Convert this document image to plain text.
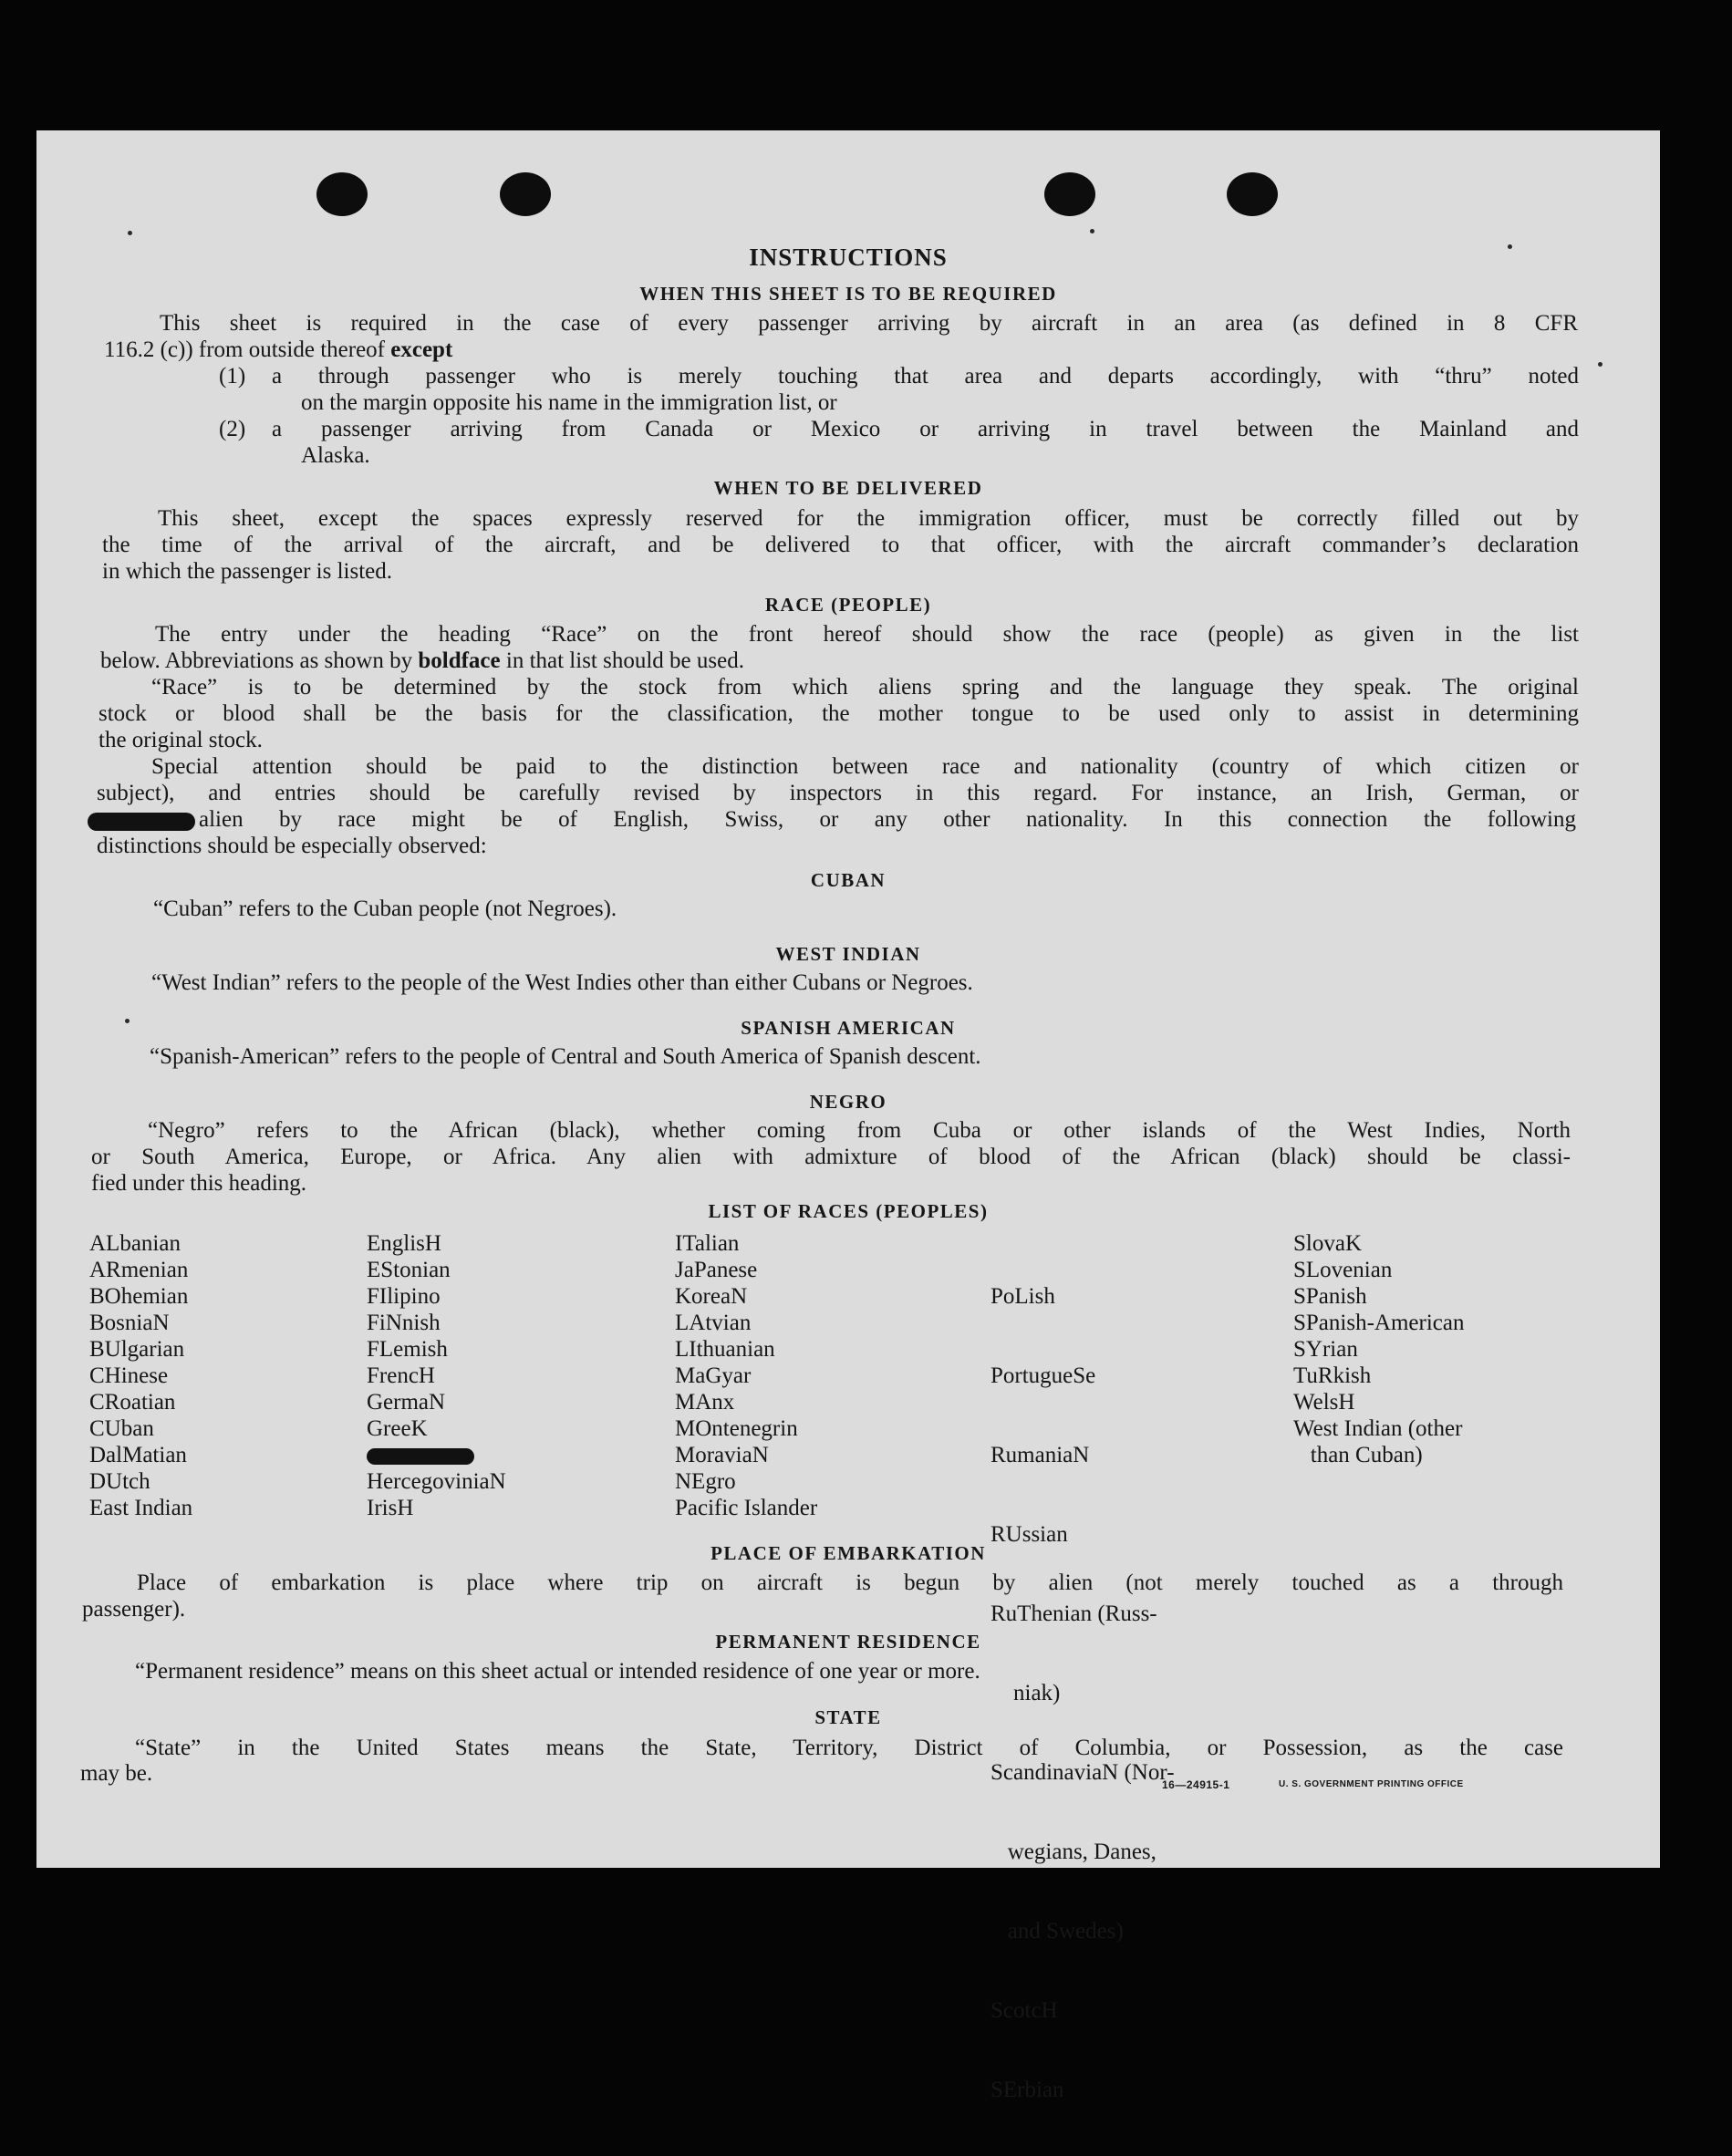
INSTRUCTIONS
WHEN THIS SHEET IS TO BE REQUIRED
This sheet is required in the case of every passenger arriving by aircraft in an area (as defined in 8 CFR
116.2 (c)) from outside thereof except
(1) a through passenger who is merely touching that area and departs accordingly, with “thru” noted
on the margin opposite his name in the immigration list, or
(2) a passenger arriving from Canada or Mexico or arriving in travel between the Mainland and
Alaska.
WHEN TO BE DELIVERED
This sheet, except the spaces expressly reserved for the immigration officer, must be correctly filled out by
the time of the arrival of the aircraft, and be delivered to that officer, with the aircraft commander’s declaration
in which the passenger is listed.
RACE (PEOPLE)
The entry under the heading “Race” on the front hereof should show the race (people) as given in the list
below. Abbreviations as shown by boldface in that list should be used.
“Race” is to be determined by the stock from which aliens spring and the language they speak. The original
stock or blood shall be the basis for the classification, the mother tongue to be used only to assist in determining
the original stock.
Special attention should be paid to the distinction between race and nationality (country of which citizen or
subject), and entries should be carefully revised by inspectors in this regard. For instance, an Irish, German, or
alien by race might be of English, Swiss, or any other nationality. In this connection the following
distinctions should be especially observed:
CUBAN
“Cuban” refers to the Cuban people (not Negroes).
WEST INDIAN
“West Indian” refers to the people of the West Indies other than either Cubans or Negroes.
SPANISH AMERICAN
“Spanish-American” refers to the people of Central and South America of Spanish descent.
NEGRO
“Negro” refers to the African (black), whether coming from Cuba or other islands of the West Indies, North
or South America, Europe, or Africa. Any alien with admixture of blood of the African (black) should be classi-
fied under this heading.
LIST OF RACES (PEOPLES)
ALbanian
ARmenian
BOhemian
BosniaN
BUlgarian
CHinese
CRoatian
CUban
DalMatian
DUtch
East Indian
EnglisH
EStonian
FIlipino
FiNnish
FLemish
FrencH
GermaN
GreeK
HercegoviniaN
IrisH
ITalian
JaPanese
KoreaN
LAtvian
LIthuanian
MaGyar
MAnx
MOntenegrin
MoraviaN
NEgro
Pacific Islander

PoLish

PortugueSe

RumaniaN

RUssian

RuThenian (Russ-

niak)

ScandinaviaN (Nor-

wegians, Danes,

and Swedes)

ScotcH

SErbian

SlovaK
SLovenian
SPanish
SPanish-American
SYrian
TuRkish
WelsH
West Indian (other
than Cuban)
PLACE OF EMBARKATION
Place of embarkation is place where trip on aircraft is begun by alien (not merely touched as a through
passenger).
PERMANENT RESIDENCE
“Permanent residence” means on this sheet actual or intended residence of one year or more.
STATE
“State” in the United States means the State, Territory, District of Columbia, or Possession, as the case
may be.	16—24915-1	U. S. GOVERNMENT PRINTING OFFICE
